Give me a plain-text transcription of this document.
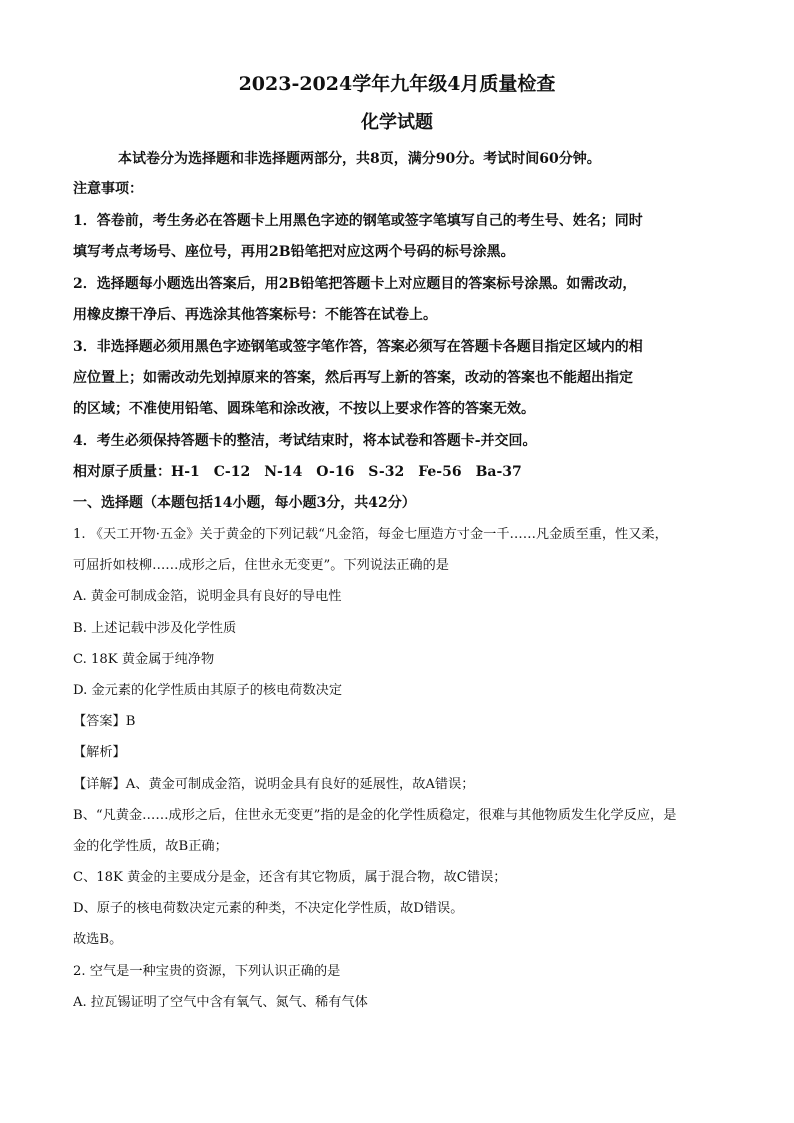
2023-2024学年九年级4月质量检查
化学试题
本试卷分为选择题和非选择题两部分，共8页，满分90分。考试时间60分钟。
注意事项：
1．答卷前，考生务必在答题卡上用黑色字迹的钢笔或签字笔填写自己的考生号、姓名；同时
填写考点考场号、座位号，再用2B铅笔把对应这两个号码的标号涂黑。
2．选择题每小题选出答案后，用2B铅笔把答题卡上对应题目的答案标号涂黑。如需改动，
用橡皮擦干净后、再选涂其他答案标号：不能答在试卷上。
3．非选择题必须用黑色字迹钢笔或签字笔作答，答案必须写在答题卡各题目指定区域内的相
应位置上；如需改动先划掉原来的答案，然后再写上新的答案，改动的答案也不能超出指定
的区域；不准使用铅笔、圆珠笔和涂改液，不按以上要求作答的答案无效。
4．考生必须保持答题卡的整洁，考试结束时，将本试卷和答题卡-并交回。
相对原子质量：H-1　C-12　N-14　O-16　S-32　Fe-56　Ba-37
一、选择题（本题包括14小题，每小题3分，共42分）
1. 《天工开物·五金》关于黄金的下列记载“凡金箔，每金七厘造方寸金一千……凡金质至重，性又柔，
可屈折如枝柳……成形之后，住世永无变更”。下列说法正确的是
A. 黄金可制成金箔，说明金具有良好的导电性
B. 上述记载中涉及化学性质
C. 18K 黄金属于纯净物
D. 金元素的化学性质由其原子的核电荷数决定
【答案】B
【解析】
【详解】A、黄金可制成金箔，说明金具有良好的延展性，故A错误；
B、“凡黄金……成形之后，住世永无变更”指的是金的化学性质稳定，很难与其他物质发生化学反应，是
金的化学性质，故B正确；
C、18K 黄金的主要成分是金，还含有其它物质，属于混合物，故C错误；
D、原子的核电荷数决定元素的种类，不决定化学性质，故D错误。
故选B。
2. 空气是一种宝贵的资源，下列认识正确的是
A. 拉瓦锡证明了空气中含有氧气、氮气、稀有气体
